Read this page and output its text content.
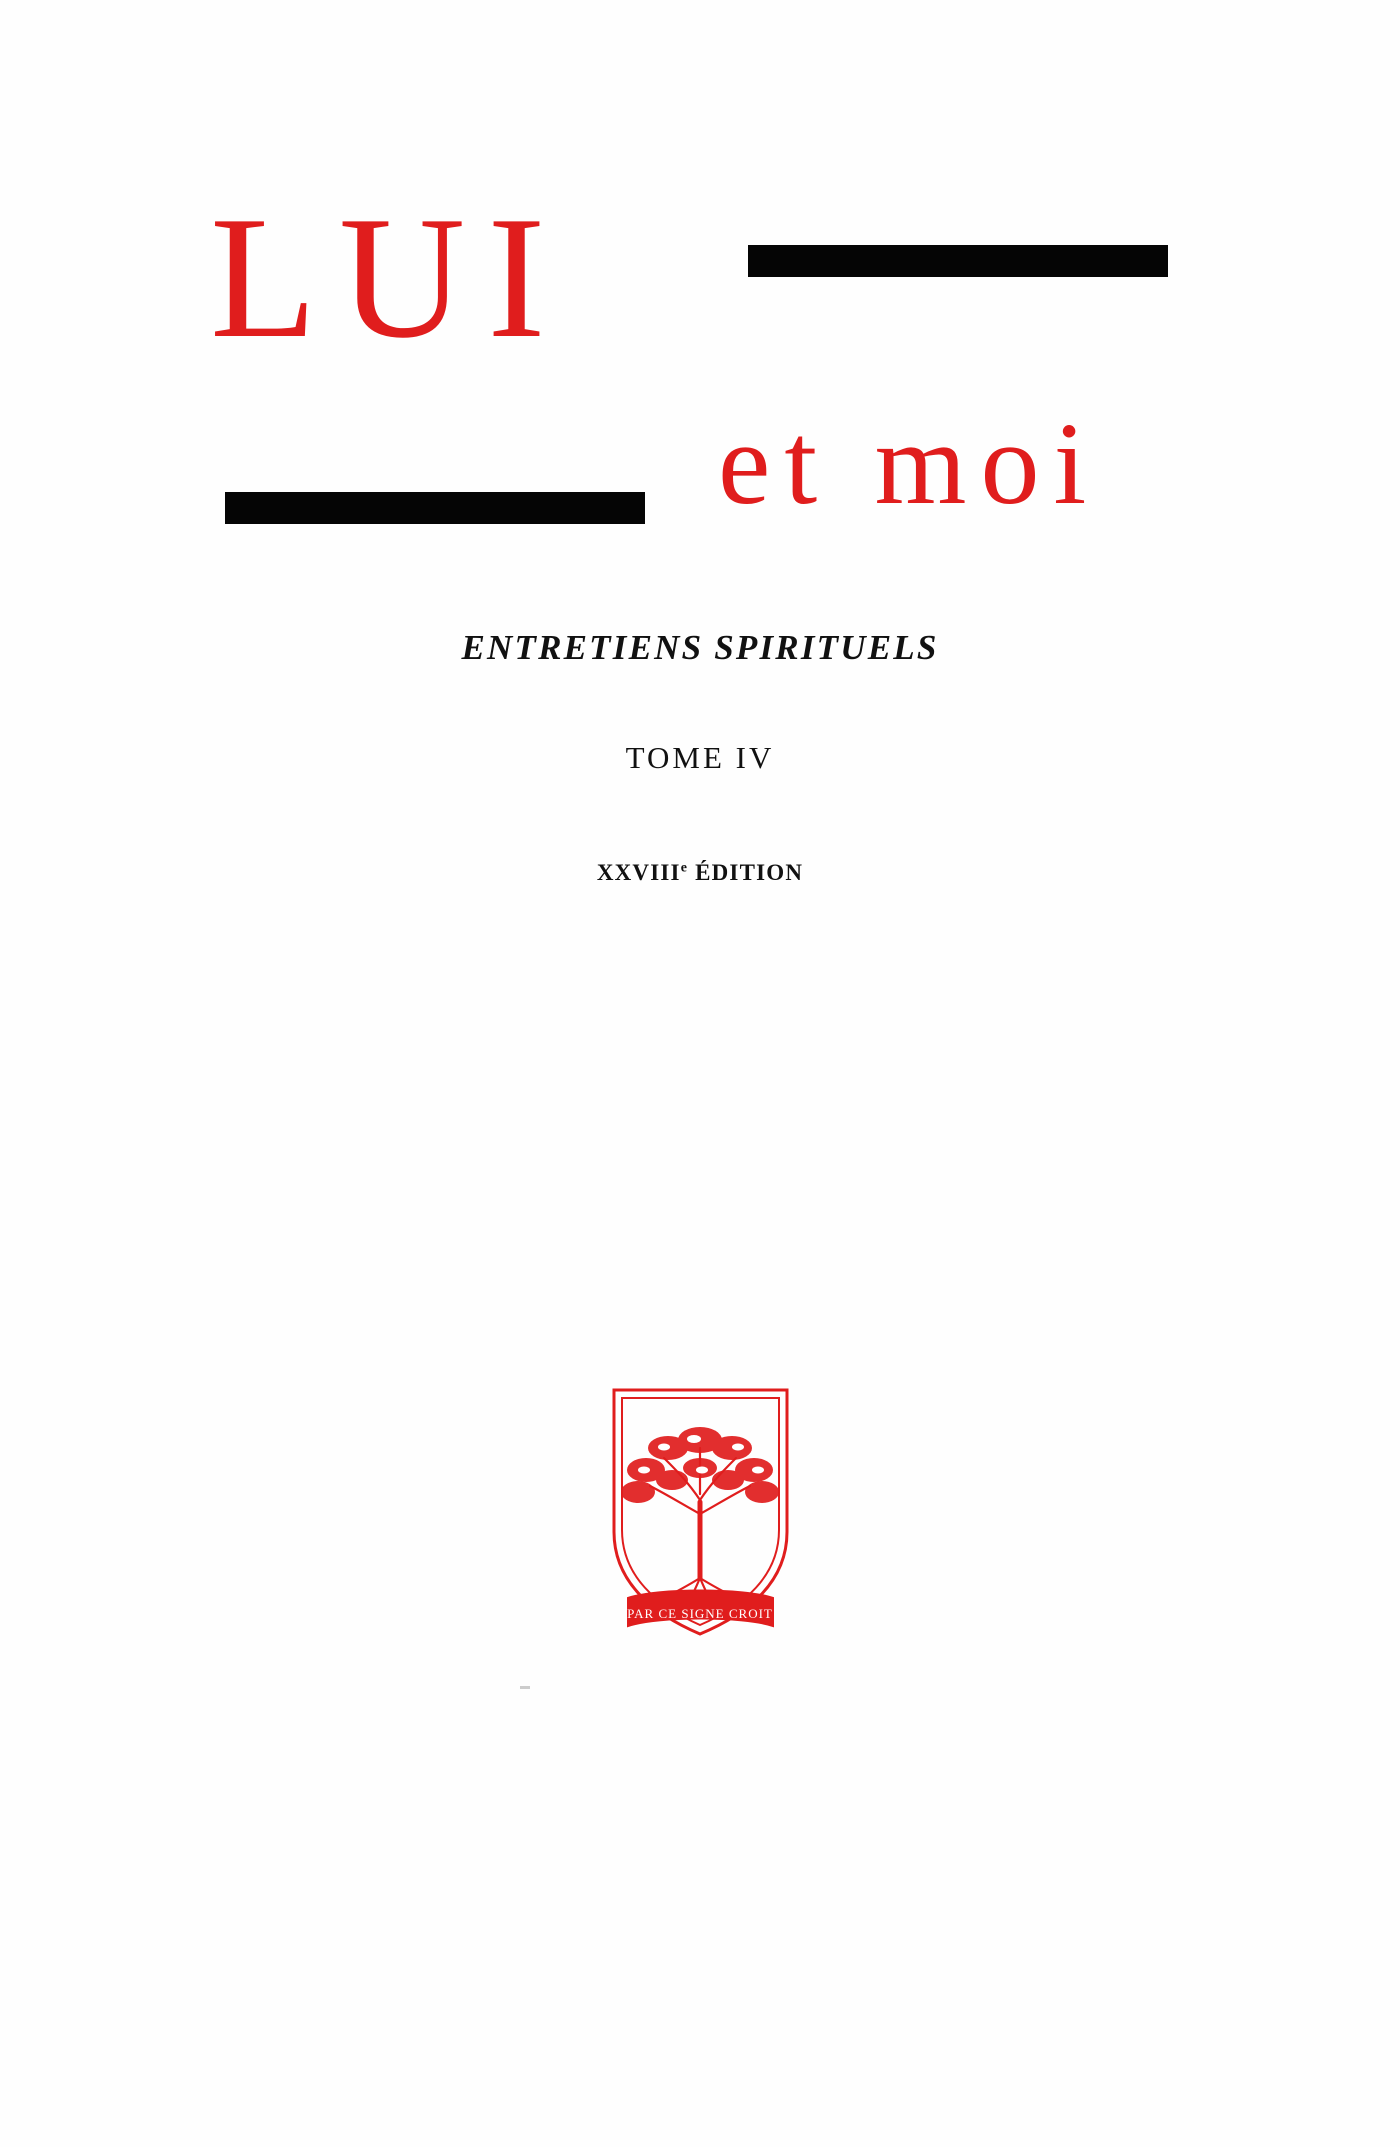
LUI
et moi
ENTRETIENS SPIRITUELS
TOME IV
XXVIIIe ÉDITION
PAR CE SIGNE CROIT
